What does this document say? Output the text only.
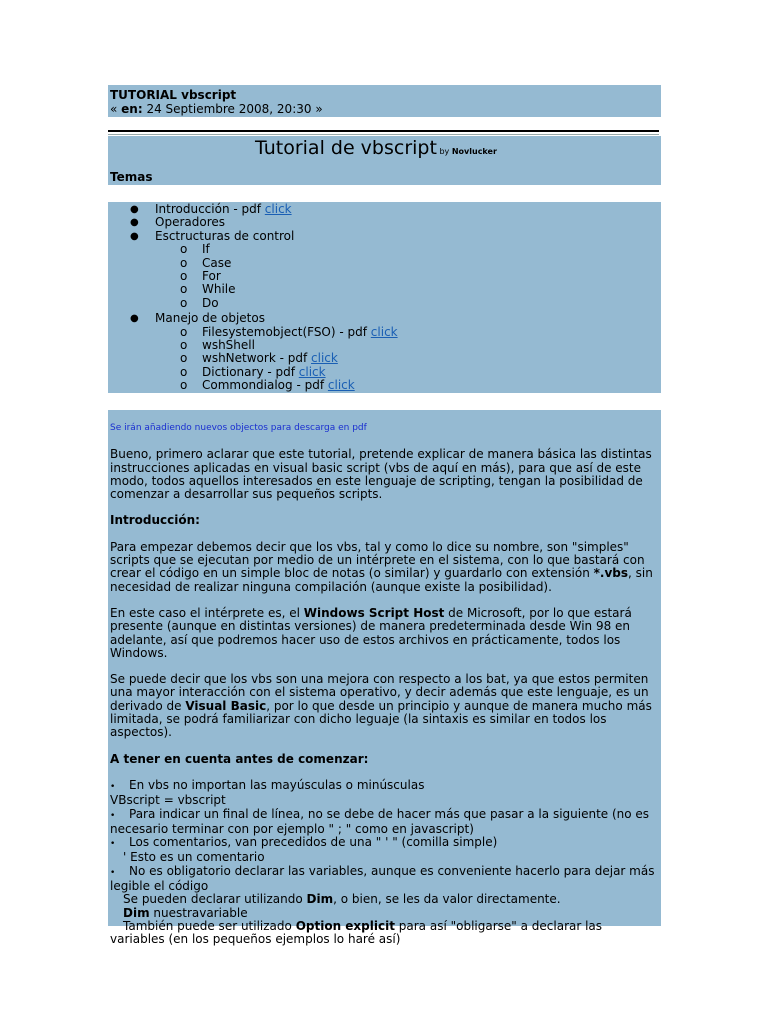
TUTORIAL vbscript
« en: 24 Septiembre 2008, 20:30 »
Tutorial de vbscript by Novlucker
Temas
● Introducción - pdf click
● Operadores
● Esctructuras de control
o If
o Case
o For
o While
o Do
● Manejo de objetos
o Filesystemobject(FSO) - pdf click
o wshShell
o wshNetwork - pdf click
o Dictionary - pdf click
o Commondialog - pdf click

Se irán añadiendo nuevos objectos para descarga en pdf

Bueno, primero aclarar que este tutorial, pretende explicar de manera básica las distintas instrucciones aplicadas en visual basic script (vbs de aquí en más), para que así de este modo, todos aquellos interesados en este lenguaje de scripting, tengan la posibilidad de comenzar a desarrollar sus pequeños scripts.

Introducción:

Para empezar debemos decir que los vbs, tal y como lo dice su nombre, son "simples" scripts que se ejecutan por medio de un intérprete en el sistema, con lo que bastará con crear el código en un simple bloc de notas (o similar) y guardarlo con extensión *.vbs, sin necesidad de realizar ninguna compilación (aunque existe la posibilidad).

En este caso el intérprete es, el Windows Script Host de Microsoft, por lo que estará presente (aunque en distintas versiones) de manera predeterminada desde Win 98 en adelante, así que podremos hacer uso de estos archivos en prácticamente, todos los Windows.

Se puede decir que los vbs son una mejora con respecto a los bat, ya que estos permiten una mayor interacción con el sistema operativo, y decir además que este lenguaje, es un derivado de Visual Basic, por lo que desde un principio y aunque de manera mucho más limitada, se podrá familiarizar con dicho leguaje (la sintaxis es similar en todos los aspectos).

A tener en cuenta antes de comenzar:

• En vbs no importan las mayúsculas o minúsculas

VBscript = vbscript

• Para indicar un final de línea, no se debe de hacer más que pasar a la siguiente (no es necesario terminar con por ejemplo " ; " como en javascript)

• Los comentarios, van precedidos de una " ' " (comilla simple)

' Esto es un comentario

• No es obligatorio declarar las variables, aunque es conveniente hacerlo para dejar más legible el código

Se pueden declarar utilizando Dim, o bien, se les da valor directamente.

Dim nuestravariable

También puede ser utilizado Option explicit para así "obligarse" a declarar las variables (en los pequeños ejemplos lo haré así)
